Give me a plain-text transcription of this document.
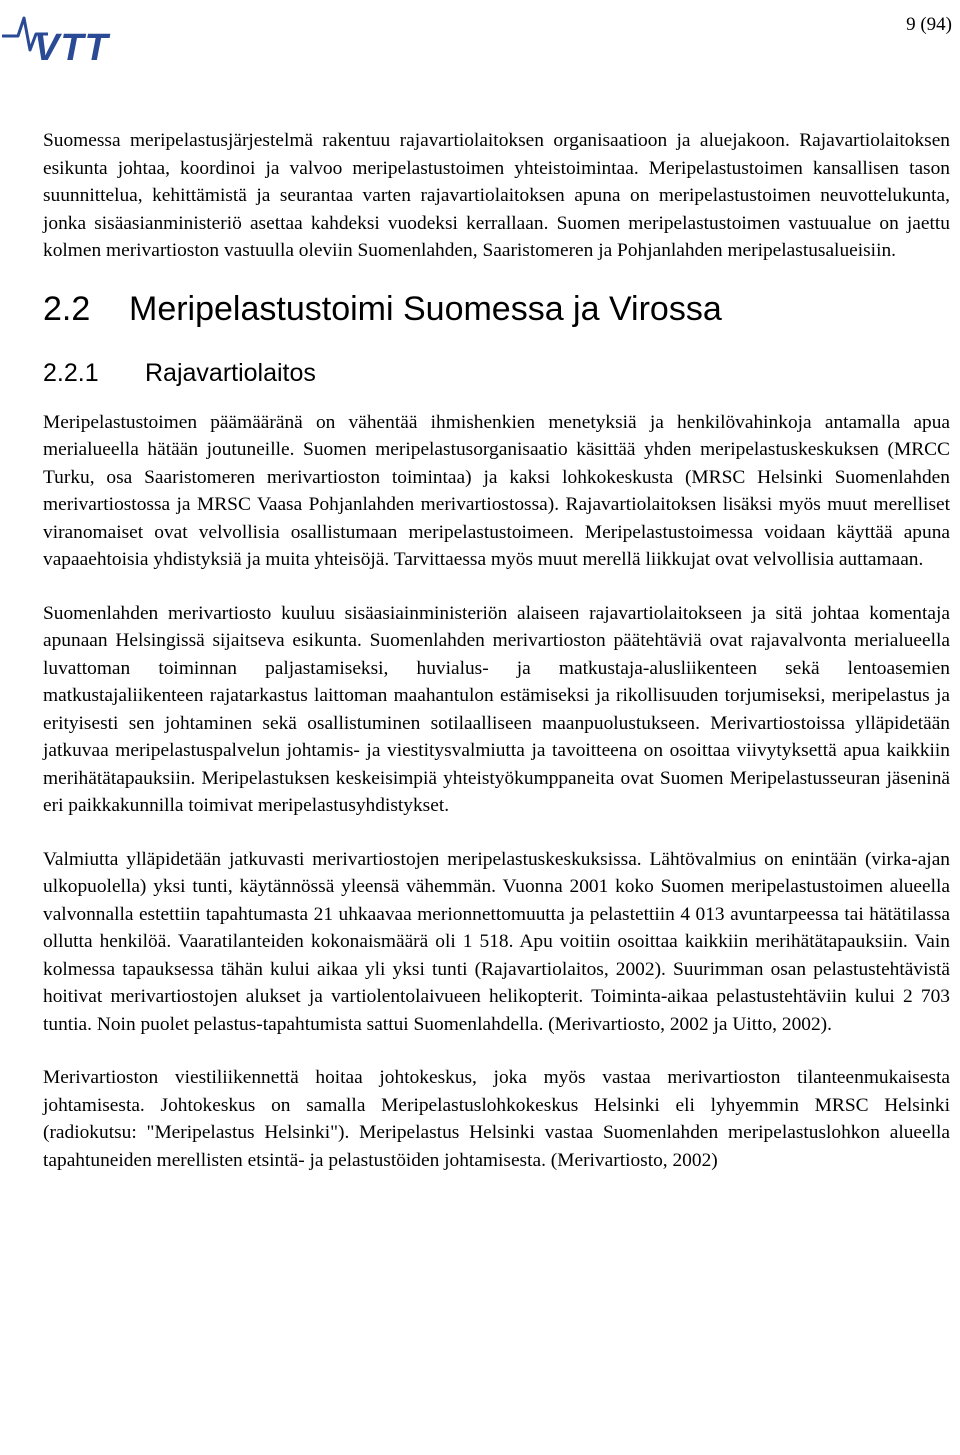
VTT
9 (94)

Suomessa meripelastusjärjestelmä rakentuu rajavartiolaitoksen organisaatioon ja aluejakoon. Rajavartiolaitoksen esikunta johtaa, koordinoi ja valvoo meripelastustoimen yhteistoimintaa. Meripelastustoimen kansallisen tason suunnittelua, kehittämistä ja seurantaa varten rajavartiolaitoksen apuna on meripelastustoimen neuvottelukunta, jonka sisäasianministeriö asettaa kahdeksi vuodeksi kerrallaan. Suomen meripelastustoimen vastuualue on jaettu kolmen merivartioston vastuulla oleviin Suomenlahden, Saaristomeren ja Pohjanlahden meripelastusalueisiin.

2.2 Meripelastustoimi Suomessa ja Virossa
2.2.1 Rajavartiolaitos

Meripelastustoimen päämääränä on vähentää ihmishenkien menetyksiä ja henkilövahinkoja antamalla apua merialueella hätään joutuneille. Suomen meripelastusorganisaatio käsittää yhden meripelastuskeskuksen (MRCC Turku, osa Saaristomeren merivartioston toimintaa) ja kaksi lohkokeskusta (MRSC Helsinki Suomenlahden merivartiostossa ja MRSC Vaasa Pohjanlahden merivartiostossa). Rajavartiolaitoksen lisäksi myös muut merelliset viranomaiset ovat velvollisia osallistumaan meripelastustoimeen. Meripelastustoimessa voidaan käyttää apuna vapaaehtoisia yhdistyksiä ja muita yhteisöjä. Tarvittaessa myös muut merellä liikkujat ovat velvollisia auttamaan.

Suomenlahden merivartiosto kuuluu sisäasiainministeriön alaiseen rajavartiolaitokseen ja sitä johtaa komentaja apunaan Helsingissä sijaitseva esikunta. Suomenlahden merivartioston päätehtäviä ovat rajavalvonta merialueella luvattoman toiminnan paljastamiseksi, huvialus- ja matkustaja-alusliikenteen sekä lentoasemien matkustajaliikenteen rajatarkastus laittoman maahantulon estämiseksi ja rikollisuuden torjumiseksi, meripelastus ja erityisesti sen johtaminen sekä osallistuminen sotilaalliseen maanpuolustukseen. Merivartiostoissa ylläpidetään jatkuvaa meripelastuspalvelun johtamis- ja viestitysvalmiutta ja tavoitteena on osoittaa viivytyksettä apua kaikkiin merihätätapauksiin. Meripelastuksen keskeisimpiä yhteistyökumppaneita ovat Suomen Meripelastusseuran jäseninä eri paikkakunnilla toimivat meripelastusyhdistykset.

Valmiutta ylläpidetään jatkuvasti merivartiostojen meripelastuskeskuksissa. Lähtövalmius on enintään (virka-ajan ulkopuolella) yksi tunti, käytännössä yleensä vähemmän. Vuonna 2001 koko Suomen meripelastustoimen alueella valvonnalla estettiin tapahtumasta 21 uhkaavaa merionnettomuutta ja pelastettiin 4 013 avuntarpeessa tai hätätilassa ollutta henkilöä. Vaaratilanteiden kokonaismäärä oli 1 518. Apu voitiin osoittaa kaikkiin merihätätapauksiin. Vain kolmessa tapauksessa tähän kului aikaa yli yksi tunti (Rajavartiolaitos, 2002). Suurimman osan pelastustehtävistä hoitivat merivartiostojen alukset ja vartiolentolaivueen helikopterit. Toiminta-aikaa pelastustehtäviin kului 2 703 tuntia. Noin puolet pelastus-tapahtumista sattui Suomenlahdella. (Merivartiosto, 2002 ja Uitto, 2002).

Merivartioston viestiliikennettä hoitaa johtokeskus, joka myös vastaa merivartioston tilanteenmukaisesta johtamisesta. Johtokeskus on samalla Meripelastuslohkokeskus Helsinki eli lyhyemmin MRSC Helsinki (radiokutsu: "Meripelastus Helsinki"). Meripelastus Helsinki vastaa Suomenlahden meripelastuslohkon alueella tapahtuneiden merellisten etsintä- ja pelastustöiden johtamisesta. (Merivartiosto, 2002)
